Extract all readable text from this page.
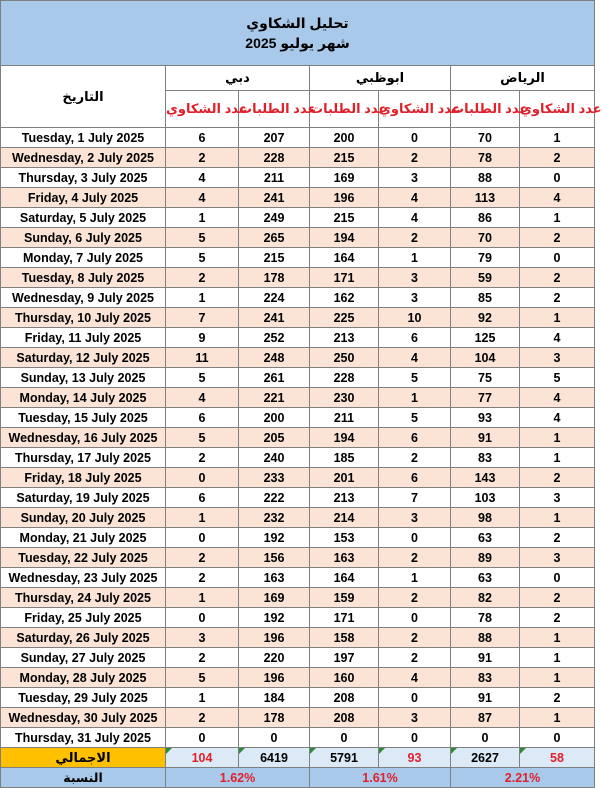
تحليل الشكاوي
شهر يوليو 2025						

التاريخ	دبي		ابوظبي		الرياض	
	عدد الشكاوي	عدد الطلبات	عدد الطلبات	عدد الشكاوي	عدد الطلبات	عدد الشكاوي
Tuesday, 1 July 2025	6	207	200	0	70	1
Wednesday, 2 July 2025	2	228	215	2	78	2
Thursday, 3 July 2025	4	211	169	3	88	0
Friday, 4 July 2025	4	241	196	4	113	4
Saturday, 5 July 2025	1	249	215	4	86	1
Sunday, 6 July 2025	5	265	194	2	70	2
Monday, 7 July 2025	5	215	164	1	79	0
Tuesday, 8 July 2025	2	178	171	3	59	2
Wednesday, 9 July 2025	1	224	162	3	85	2
Thursday, 10 July 2025	7	241	225	10	92	1
Friday, 11 July 2025	9	252	213	6	125	4
Saturday, 12 July 2025	11	248	250	4	104	3
Sunday, 13 July 2025	5	261	228	5	75	5
Monday, 14 July 2025	4	221	230	1	77	4
Tuesday, 15 July 2025	6	200	211	5	93	4
Wednesday, 16 July 2025	5	205	194	6	91	1
Thursday, 17 July 2025	2	240	185	2	83	1
Friday, 18 July 2025	0	233	201	6	143	2
Saturday, 19 July 2025	6	222	213	7	103	3
Sunday, 20 July 2025	1	232	214	3	98	1
Monday, 21 July 2025	0	192	153	0	63	2
Tuesday, 22 July 2025	2	156	163	2	89	3
Wednesday, 23 July 2025	2	163	164	1	63	0
Thursday, 24 July 2025	1	169	159	2	82	2
Friday, 25 July 2025	0	192	171	0	78	2
Saturday, 26 July 2025	3	196	158	2	88	1
Sunday, 27 July 2025	2	220	197	2	91	1
Monday, 28 July 2025	5	196	160	4	83	1
Tuesday, 29 July 2025	1	184	208	0	91	2
Wednesday, 30 July 2025	2	178	208	3	87	1
Thursday, 31 July 2025	0	0	0	0	0	0
الاجمالي	104	6419	5791	93	2627	58
النسبة	1.62%		1.61%		2.21%	
